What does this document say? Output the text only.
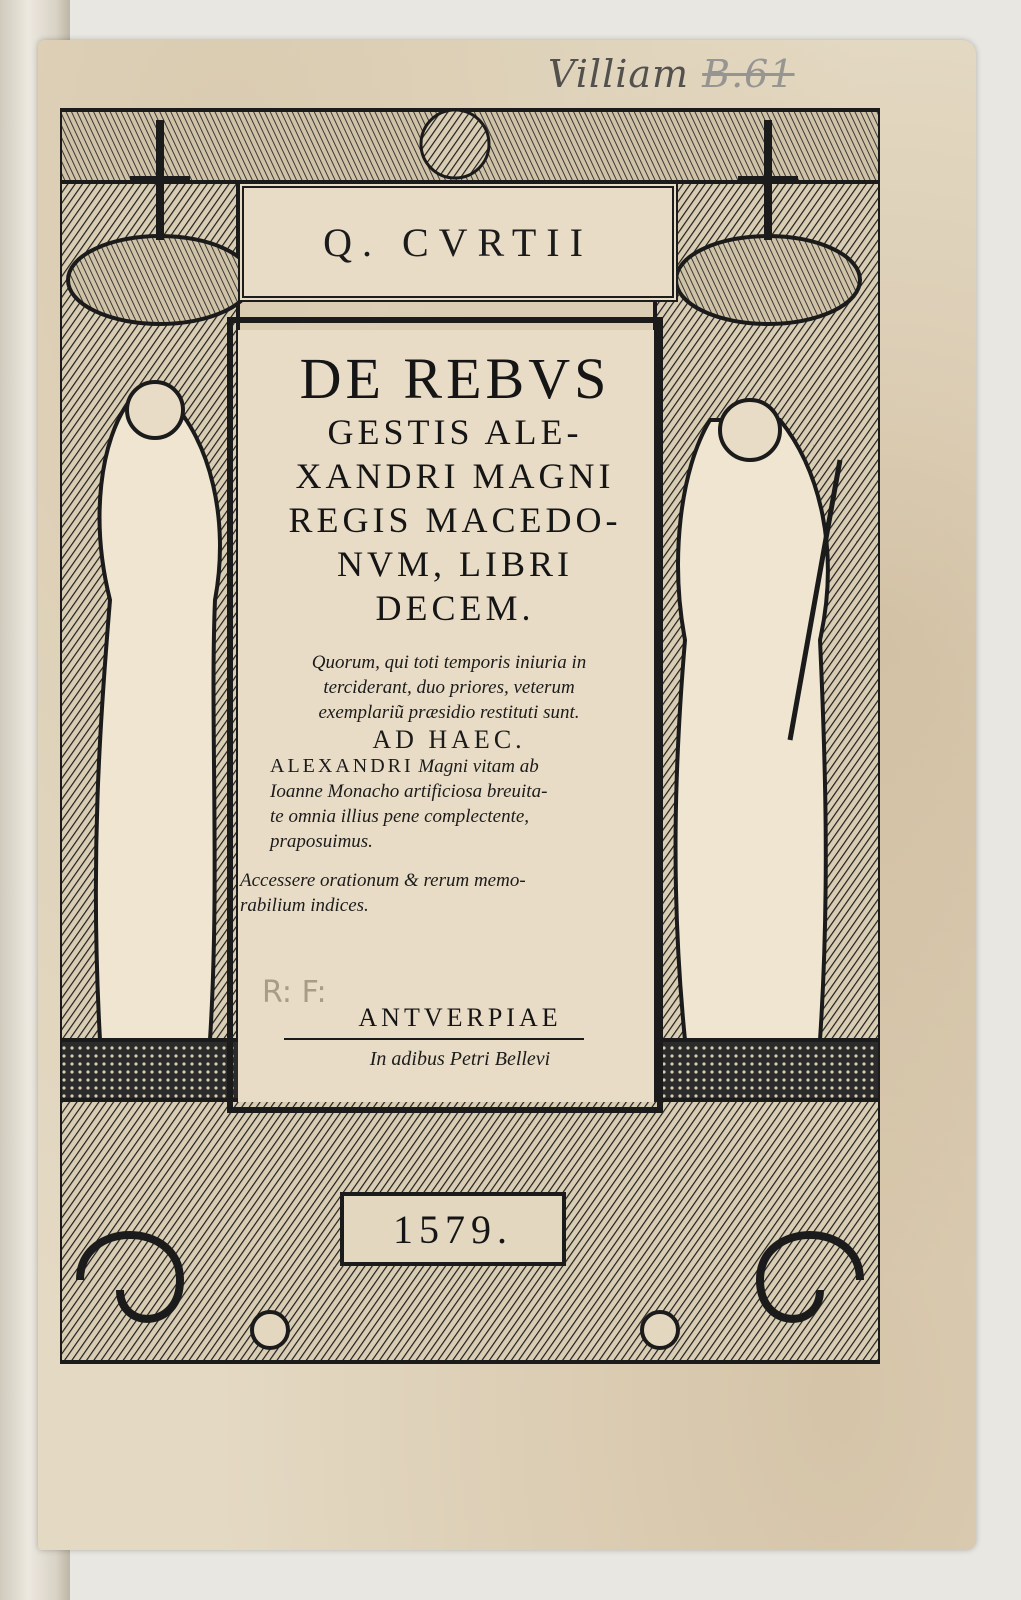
Villiam B.61
Q. CVRTII
DE REBVS
GESTIS ALE-
XANDRI MAGNI
REGIS MACEDO-
NVM, LIBRI
DECEM.

Quorum, qui toti temporis iniuria in

terciderant, duo priores, veterum

exemplariũ præsidio restituti sunt.

AD HAEC.

ALEXANDRI Magni vitam ab

Ioanne Monacho artificiosa breuita-

te omnia illius pene complectente,

praposuimus.

Accessere orationum & rerum memo-

rabilium indices.

R: F:
ANTVERPIAE
In adibus Petri Bellevi
1579.
